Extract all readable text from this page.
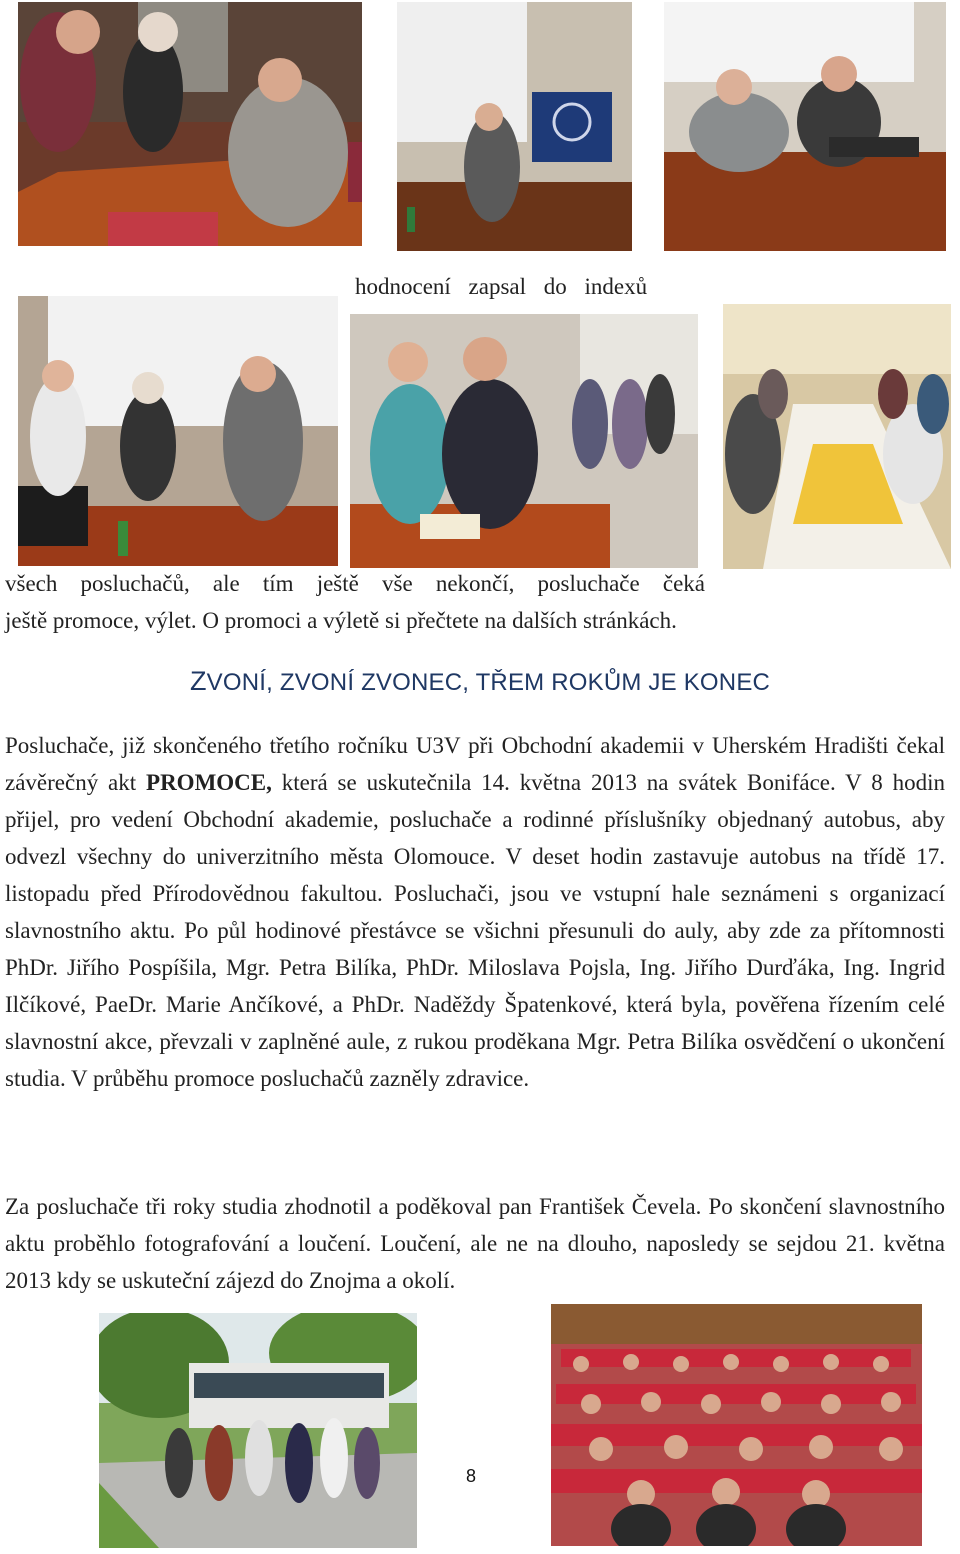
hodnocení zapsal do indexů
všech posluchačů, ale tím ještě vše nekončí, posluchače čeká
ještě promoce, výlet. O promoci a výletě si přečtete na dalších stránkách.
ZVONÍ, ZVONÍ ZVONEC, TŘEM ROKŮM JE KONEC
Posluchače, již skončeného třetího ročníku U3V při Obchodní akademii v Uherském Hradišti čekal závěrečný akt PROMOCE, která se uskutečnila 14. května 2013 na svátek Bonifáce. V 8 hodin přijel, pro vedení Obchodní akademie, posluchače a rodinné příslušníky objednaný autobus, aby odvezl všechny do univerzitního města Olomouce. V deset hodin zastavuje autobus na třídě 17. listopadu před Přírodovědnou fakultou. Posluchači, jsou ve vstupní hale seznámeni s organizací slavnostního aktu. Po půl hodinové přestávce se všichni přesunuli do auly, aby zde za přítomnosti PhDr. Jiřího Pospíšila, Mgr. Petra Bilíka, PhDr. Miloslava Pojsla, Ing. Jiřího Durďáka, Ing. Ingrid Ilčíkové, PaeDr. Marie Ančíkové, a PhDr. Naděždy Špatenkové, která byla, pověřena řízením celé slavnostní akce, převzali v zaplněné aule, z rukou proděkana Mgr. Petra Bilíka osvědčení o ukončení studia. V průběhu promoce posluchačů zazněly zdravice.
Za posluchače tři roky studia zhodnotil a poděkoval pan František Čevela. Po skončení slavnostního aktu proběhlo fotografování a loučení. Loučení, ale ne na dlouho, naposledy se sejdou 21. května 2013 kdy se uskuteční zájezd do Znojma a okolí.
8
